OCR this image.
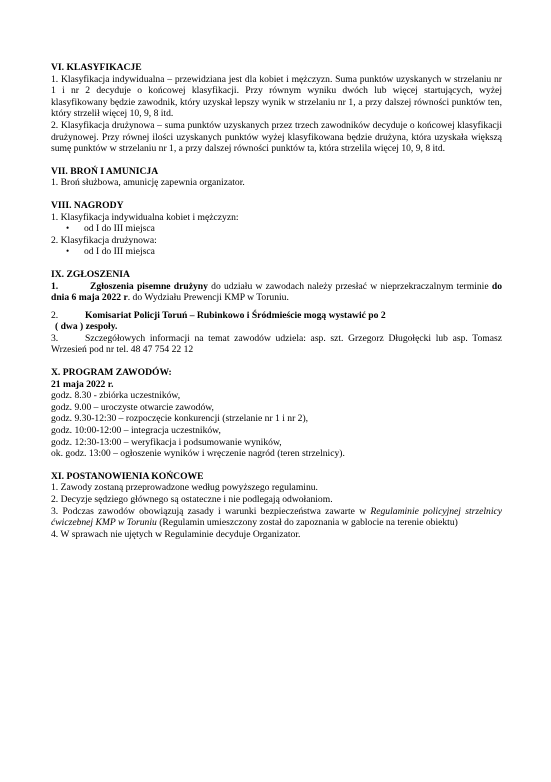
VI. KLASYFIKACJE

1. Klasyfikacja indywidualna – przewidziana jest dla kobiet i mężczyzn. Suma punktów uzyskanych w strzelaniu nr 1 i nr 2 decyduje o końcowej klasyfikacji. Przy równym wyniku dwóch lub więcej startujących, wyżej klasyfikowany będzie zawodnik, który uzyskał lepszy wynik w strzelaniu nr 1, a przy dalszej równości punktów ten, który strzelił więcej 10, 9, 8 itd.

2. Klasyfikacja drużynowa – suma punktów uzyskanych przez trzech zawodników decyduje o końcowej klasyfikacji drużynowej. Przy równej ilości uzyskanych punktów wyżej klasyfikowana będzie drużyna, która uzyskała większą sumę punktów w strzelaniu nr 1, a przy dalszej równości punktów ta, która strzelila więcej 10, 9, 8 itd.

VII. BROŃ I AMUNICJA

1. Broń służbowa, amunicję zapewnia organizator.

VIII. NAGRODY

1. Klasyfikacja indywidualna kobiet i mężczyzn:

•	od I do III miejsca

2. Klasyfikacja drużynowa:

•	od I do III miejsca

IX. ZGŁOSZENIA

1.	Zgłoszenia pisemne drużyny do udziału w zawodach należy przesłać w nieprzekraczalnym terminie do dnia 6 maja 2022 r. do Wydziału Prewencji KMP w Toruniu.

2.	Komisariat Policji Toruń – Rubinkowo i Śródmieście mogą wystawić po 2

( dwa ) zespoły.

3.	Szczegółowych informacji na temat zawodów udziela: asp. szt. Grzegorz Długołęcki lub asp. Tomasz Wrzesień pod nr tel. 48 47 754 22 12

X. PROGRAM ZAWODÓW:

21 maja 2022 r.

godz. 8.30 - zbiórka uczestników,

godz. 9.00 – uroczyste otwarcie zawodów,

godz. 9.30-12:30 – rozpoczęcie konkurencji (strzelanie nr 1 i nr 2),

godz. 10:00-12:00 – integracja uczestników,

godz. 12:30-13:00 – weryfikacja i podsumowanie wyników,

ok. godz. 13:00 – ogłoszenie wyników i wręczenie nagród (teren strzelnicy).

XI. POSTANOWIENIA KOŃCOWE

1. Zawody zostaną przeprowadzone według powyższego regulaminu.

2. Decyzje sędziego głównego są ostateczne i nie podlegają odwołaniom.

3. Podczas zawodów obowiązują zasady i warunki bezpieczeństwa zawarte w Regulaminie policyjnej strzelnicy ćwiczebnej KMP w Toruniu (Regulamin umieszczony został do zapoznania w gablocie na terenie obiektu)

4. W sprawach nie ujętych w Regulaminie decyduje Organizator.
